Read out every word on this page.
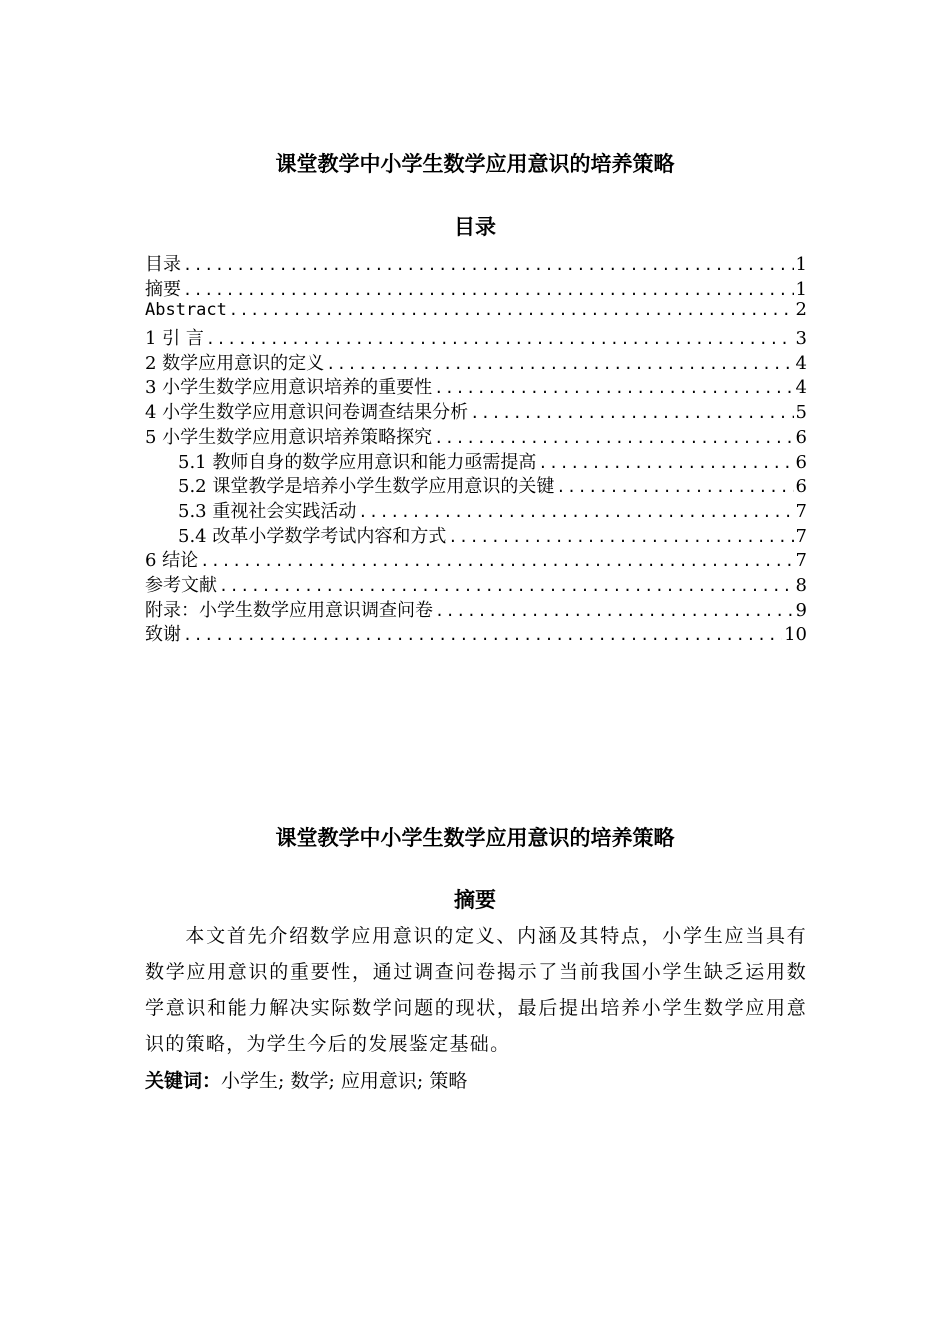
课堂教学中小学生数学应用意识的培养策略
目录
目录 .....	1
摘要 .....	1
Abstract .....	2
1 引 言 .....	3
2 数学应用意识的定义 .....	4
3 小学生数学应用意识培养的重要性 .....	4
4 小学生数学应用意识问卷调查结果分析 .....	5
5 小学生数学应用意识培养策略探究 .....	6
5.1 教师自身的数学应用意识和能力亟需提高 .....	6
5.2 课堂教学是培养小学生数学应用意识的关键 .....	6
5.3 重视社会实践活动 .....	7
5.4 改革小学数学考试内容和方式 .....	7
6 结论 .....	7
参考文献 .....	8
附录：小学生数学应用意识调查问卷 .....	9
致谢 .....	10
课堂教学中小学生数学应用意识的培养策略
摘要
本文首先介绍数学应用意识的定义、内涵及其特点，小学生应当具有数学应用意识的重要性，通过调查问卷揭示了当前我国小学生缺乏运用数学意识和能力解决实际数学问题的现状，最后提出培养小学生数学应用意识的策略，为学生今后的发展鉴定基础。
关键词：小学生; 数学; 应用意识; 策略
